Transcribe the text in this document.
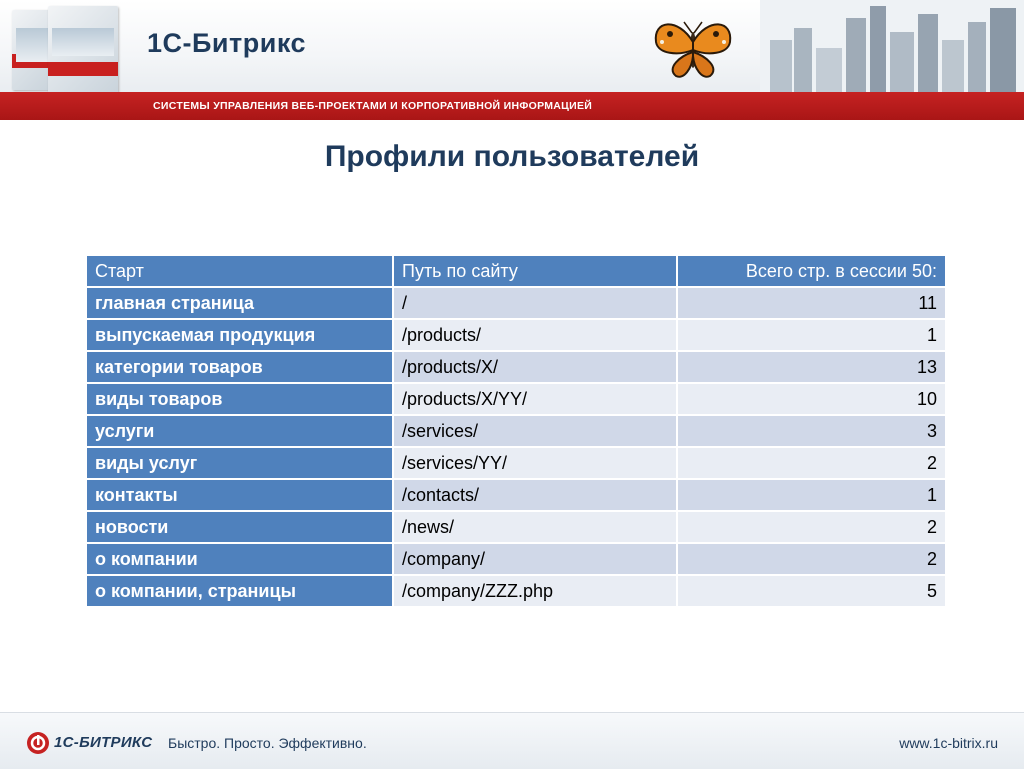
1С-Битрикс
СИСТЕМЫ УПРАВЛЕНИЯ ВЕБ-ПРОЕКТАМИ И КОРПОРАТИВНОЙ ИНФОРМАЦИЕЙ
Профили пользователей
Старт	Путь по сайту	Всего стр. в сессии 50:
главная страница	/	11
выпускаемая продукция	/products/	1
категории товаров	/products/X/	13
виды товаров	/products/X/YY/	10
услуги	/services/	3
виды услуг	/services/YY/	2
контакты	/contacts/	1
новости	/news/	2
о компании	/company/	2
о компании, страницы	/company/ZZZ.php	5
1С-БИТРИКС Быстро. Просто. Эффективно.	www.1c-bitrix.ru
